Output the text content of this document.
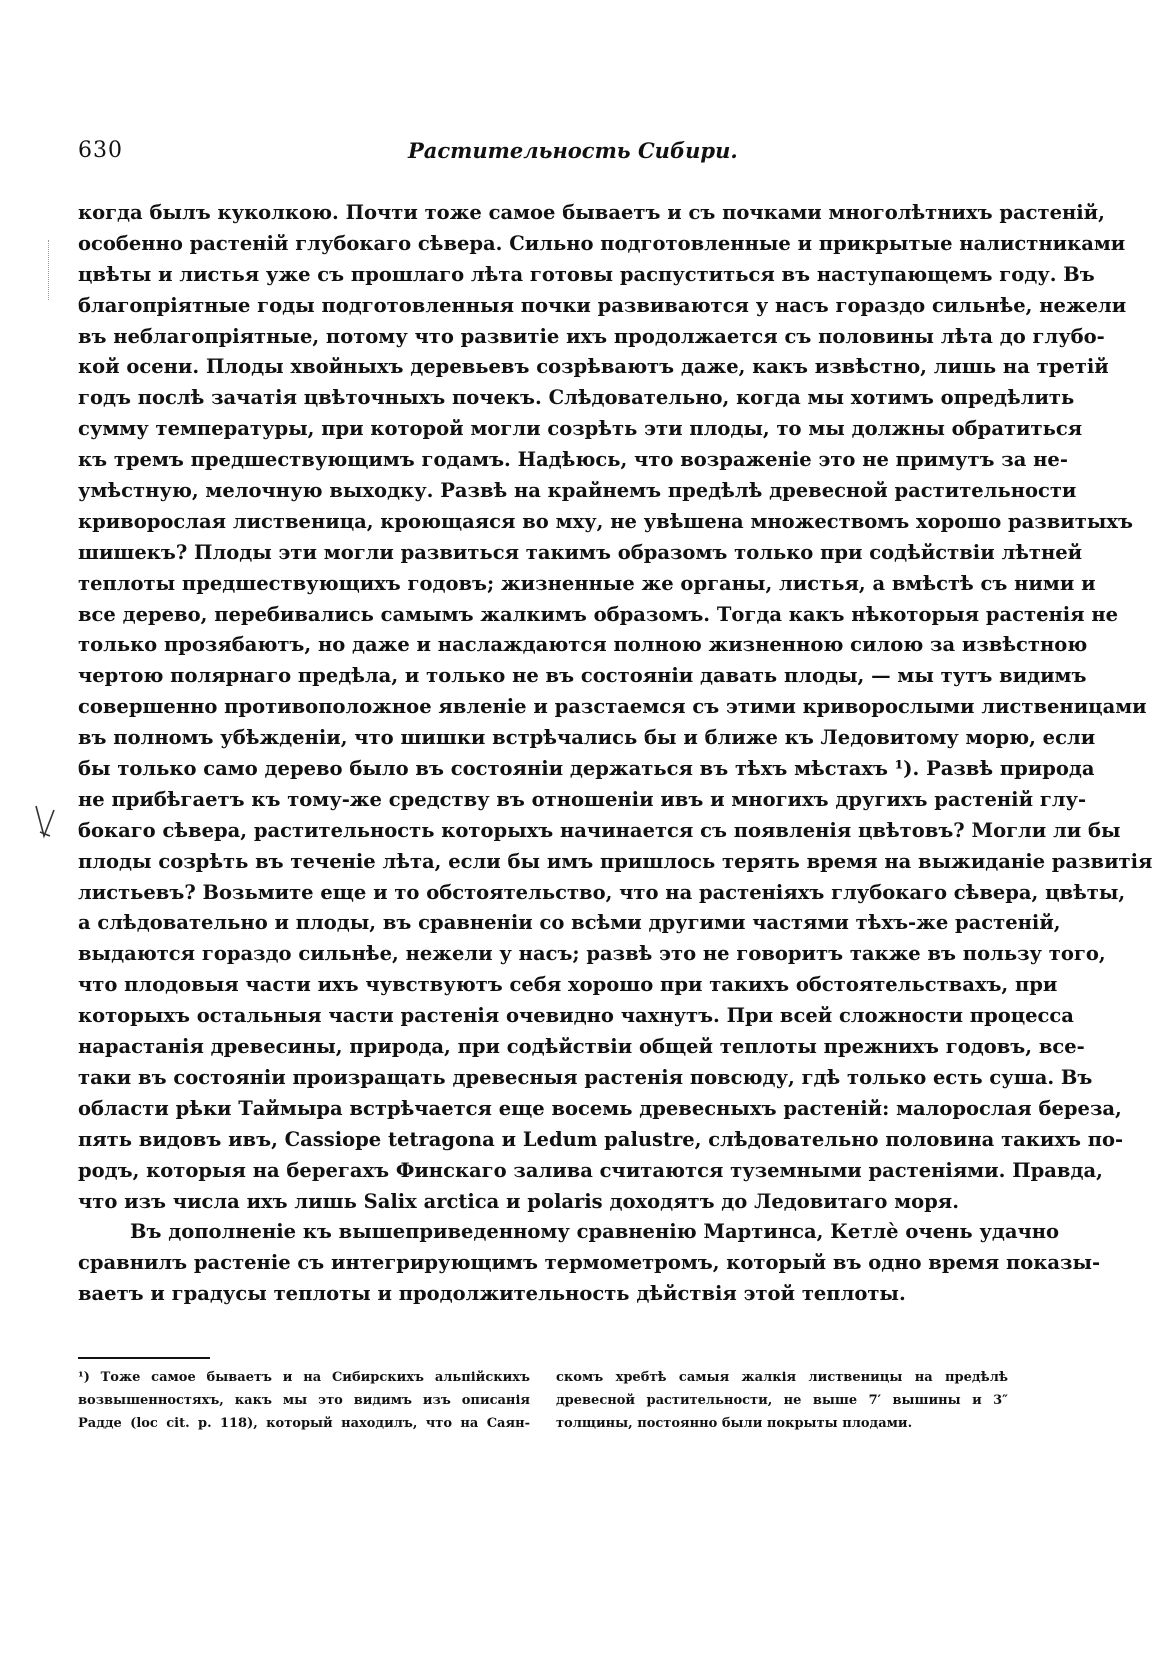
630	Растительность Сибири.
когда былъ куколкою. Почти тоже самое бываетъ и съ почками многолѣтнихъ растеній,
особенно растеній глубокаго сѣвера. Сильно подготовленные и прикрытые налистниками
цвѣты и листья уже съ прошлаго лѣта готовы распуститься въ наступающемъ году. Въ
благопріятные годы подготовленныя почки развиваются у насъ гораздо сильнѣе, нежели
въ неблагопріятные, потому что развитіе ихъ продолжается съ половины лѣта до глубо-
кой осени. Плоды хвойныхъ деревьевъ созрѣваютъ даже, какъ извѣстно, лишь на третій
годъ послѣ зачатія цвѣточныхъ почекъ. Слѣдовательно, когда мы хотимъ опредѣлить
сумму температуры, при которой могли созрѣть эти плоды, то мы должны обратиться
къ тремъ предшествующимъ годамъ. Надѣюсь, что возраженіе это не примутъ за не-
умѣстную, мелочную выходку. Развѣ на крайнемъ предѣлѣ древесной растительности
криворослая лиственица, кроющаяся во мху, не увѣшена множествомъ хорошо развитыхъ
шишекъ? Плоды эти могли развиться такимъ образомъ только при содѣйствіи лѣтней
теплоты предшествующихъ годовъ; жизненные же органы, листья, а вмѣстѣ съ ними и
все дерево, перебивались самымъ жалкимъ образомъ. Тогда какъ нѣкоторыя растенія не
только прозябаютъ, но даже и наслаждаются полною жизненною силою за извѣстною
чертою полярнаго предѣла, и только не въ состояніи давать плоды, — мы тутъ видимъ
совершенно противоположное явленіе и разстаемся съ этими криворослыми лиственицами
въ полномъ убѣжденіи, что шишки встрѣчались бы и ближе къ Ледовитому морю, если
бы только само дерево было въ состояніи держаться въ тѣхъ мѣстахъ ¹). Развѣ природа
не прибѣгаетъ къ тому-же средству въ отношеніи ивъ и многихъ другихъ растеній глу-
бокаго сѣвера, растительность которыхъ начинается съ появленія цвѣтовъ? Могли ли бы
плоды созрѣть въ теченіе лѣта, если бы имъ пришлось терять время на выжиданіе развитія
листьевъ? Возьмите еще и то обстоятельство, что на растеніяхъ глубокаго сѣвера, цвѣты,
а слѣдовательно и плоды, въ сравненіи со всѣми другими частями тѣхъ-же растеній,
выдаются гораздо сильнѣе, нежели у насъ; развѣ это не говоритъ также въ пользу того,
что плодовыя части ихъ чувствуютъ себя хорошо при такихъ обстоятельствахъ, при
которыхъ остальныя части растенія очевидно чахнутъ. При всей сложности процесса
нарастанія древесины, природа, при содѣйствіи общей теплоты прежнихъ годовъ, все-
таки въ состояніи произращать древесныя растенія повсюду, гдѣ только есть суша. Въ
области рѣки Таймыра встрѣчается еще восемь древесныхъ растеній: малорослая береза,
пять видовъ ивъ, Cassiope tetragona и Ledum palustre, слѣдовательно половина такихъ по-
родъ, которыя на берегахъ Финскаго залива считаются туземными растеніями. Правда,
что изъ числа ихъ лишь Salix arctica и polaris доходятъ до Ледовитаго моря.
Въ дополненіе къ вышеприведенному сравненію Мартинса, Кетлѐ очень удачно
сравнилъ растеніе съ интегрирующимъ термометромъ, который въ одно время показы-
ваетъ и градусы теплоты и продолжительность дѣйствія этой теплоты.
¹) Тоже самое бываетъ и на Сибирскихъ альпійскихъ
возвышенностяхъ, какъ мы это видимъ изъ описанія
Радде (loc cit. p. 118), который находилъ, что на Саян-
скомъ хребтѣ самыя жалкія лиственицы на предѣлѣ
древесной растительности, не выше 7′ вышины и 3″
толщины, постоянно были покрыты плодами.
